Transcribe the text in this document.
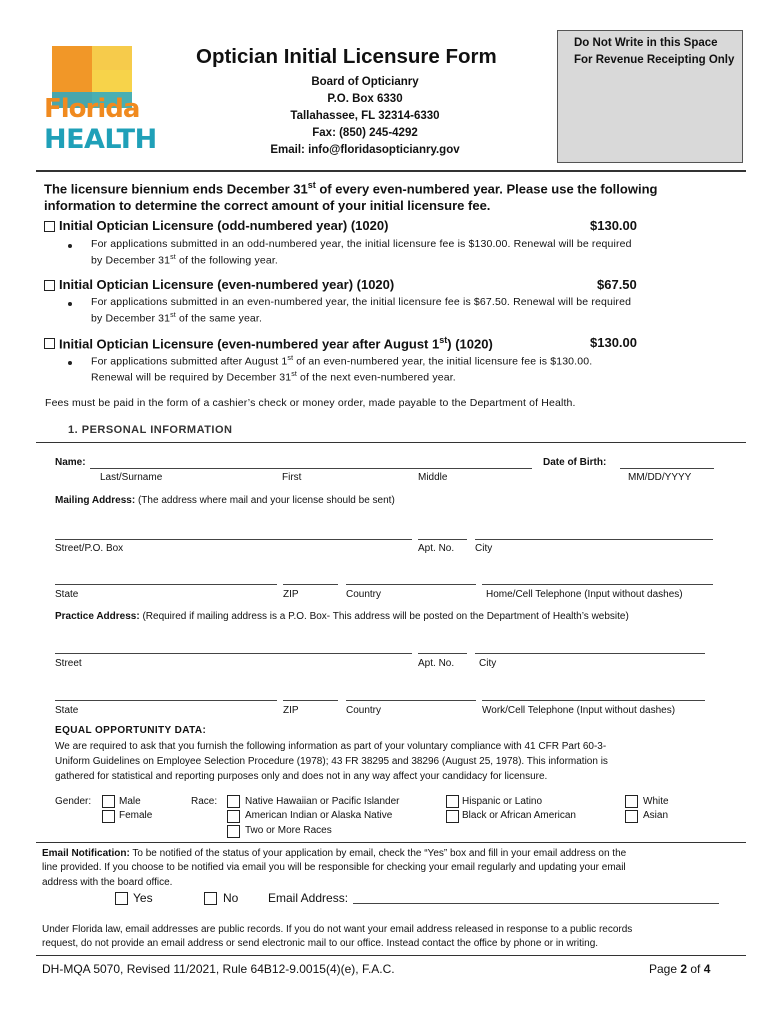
Florida
HEALTH
Optician Initial Licensure Form
Board of Opticianry
P.O. Box 6330
Tallahassee, FL 32314-6330
Fax: (850) 245-4292
Email: info@floridasopticianry.gov
Do Not Write in this Space
For Revenue Receipting Only
The licensure biennium ends December 31st of every even-numbered year. Please use the following
information to determine the correct amount of your initial licensure fee.
Initial Optician Licensure (odd-numbered year) (1020)	$130.00
For applications submitted in an odd-numbered year, the initial licensure fee is $130.00. Renewal will be required
by December 31st of the following year.
Initial Optician Licensure (even-numbered year) (1020)	$67.50
For applications submitted in an even-numbered year, the initial licensure fee is $67.50. Renewal will be required
by December 31st of the same year.
Initial Optician Licensure (even-numbered year after August 1st) (1020)	$130.00
For applications submitted after August 1st of an even-numbered year, the initial licensure fee is $130.00.
Renewal will be required by December 31st of the next even-numbered year.
Fees must be paid in the form of a cashier’s check or money order, made payable to the Department of Health.
1. PERSONAL INFORMATION
Name:	Date of Birth:
Last/Surname	First	Middle	MM/DD/YYYY
Mailing Address: (The address where mail and your license should be sent)
Street/P.O. Box	Apt. No. City
State	ZIP	Country	Home/Cell Telephone (Input without dashes)
Practice Address: (Required if mailing address is a P.O. Box- This address will be posted on the Department of Health’s website)
Street	Apt. No. City
State	ZIP	Country	Work/Cell Telephone (Input without dashes)
EQUAL OPPORTUNITY DATA:
We are required to ask that you furnish the following information as part of your voluntary compliance with 41 CFR Part 60-3-
Uniform Guidelines on Employee Selection Procedure (1978); 43 FR 38295 and 38296 (August 25, 1978). This information is
gathered for statistical and reporting purposes only and does not in any way affect your candidacy for licensure.
Gender:	Male
Female
Race:	Native Hawaiian or Pacific Islander
American Indian or Alaska Native
Two or More Races
Hispanic or Latino
Black or African American
White
Asian
Email Notification: To be notified of the status of your application by email, check the “Yes” box and fill in your email address on the
line provided. If you choose to be notified via email you will be responsible for checking your email regularly and updating your email
address with the board office.
Yes	No Email Address:
Under Florida law, email addresses are public records. If you do not want your email address released in response to a public records
request, do not provide an email address or send electronic mail to our office. Instead contact the office by phone or in writing.
DH-MQA 5070, Revised 11/2021, Rule 64B12-9.0015(4)(e), F.A.C.	Page 2 of 4
